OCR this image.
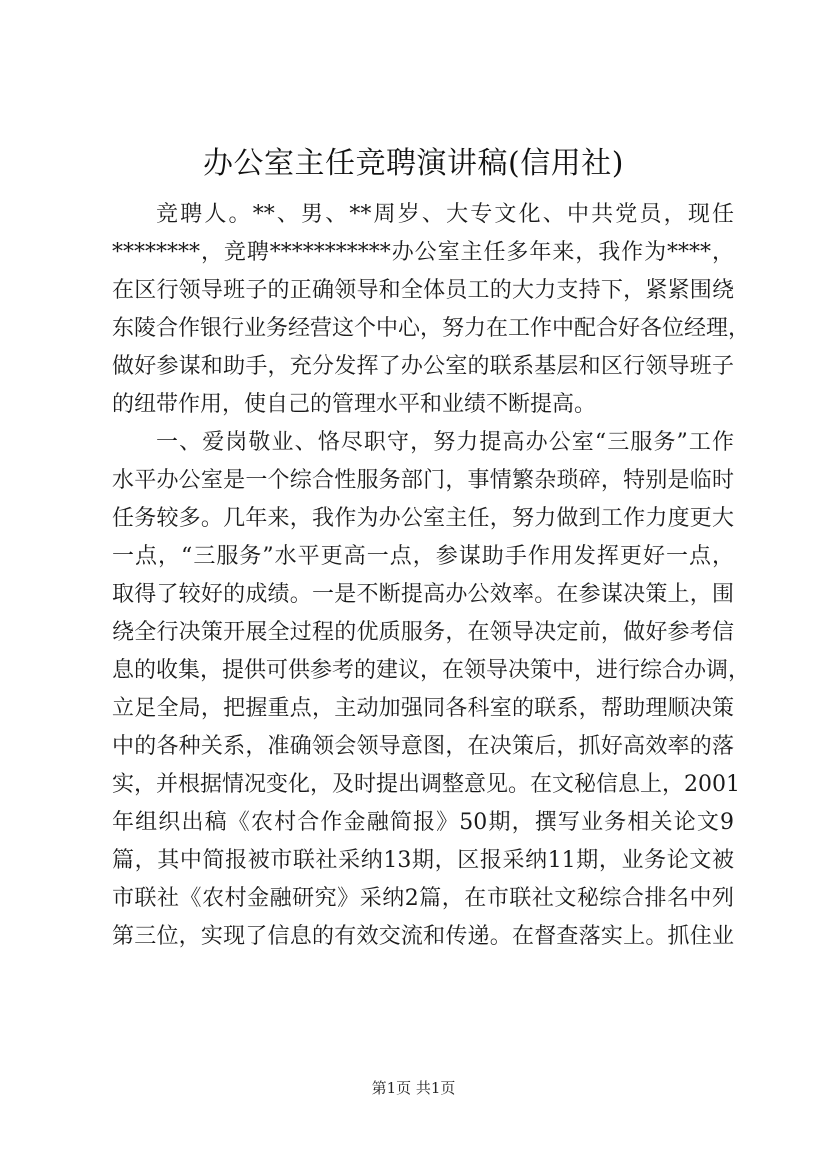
办公室主任竞聘演讲稿(信用社)
竞聘人。**、男、**周岁、大专文化、中共党员，现任
********，竞聘***********办公室主任多年来，我作为****，
在区行领导班子的正确领导和全体员工的大力支持下，紧紧围绕
东陵合作银行业务经营这个中心，努力在工作中配合好各位经理，
做好参谋和助手，充分发挥了办公室的联系基层和区行领导班子
的纽带作用，使自己的管理水平和业绩不断提高。
一、爱岗敬业、恪尽职守，努力提高办公室“三服务”工作
水平办公室是一个综合性服务部门，事情繁杂琐碎，特别是临时
任务较多。几年来，我作为办公室主任，努力做到工作力度更大
一点，“三服务”水平更高一点，参谋助手作用发挥更好一点，
取得了较好的成绩。一是不断提高办公效率。在参谋决策上，围
绕全行决策开展全过程的优质服务，在领导决定前，做好参考信
息的收集，提供可供参考的建议，在领导决策中，进行综合办调，
立足全局，把握重点，主动加强同各科室的联系，帮助理顺决策
中的各种关系，准确领会领导意图，在决策后，抓好高效率的落
实，并根据情况变化，及时提出调整意见。在文秘信息上，2001
年组织出稿《农村合作金融简报》50期，撰写业务相关论文9
篇，其中简报被市联社采纳13期，区报采纳11期，业务论文被
市联社《农村金融研究》采纳2篇，在市联社文秘综合排名中列
第三位，实现了信息的有效交流和传递。在督查落实上。抓住业
第1页 共1页
